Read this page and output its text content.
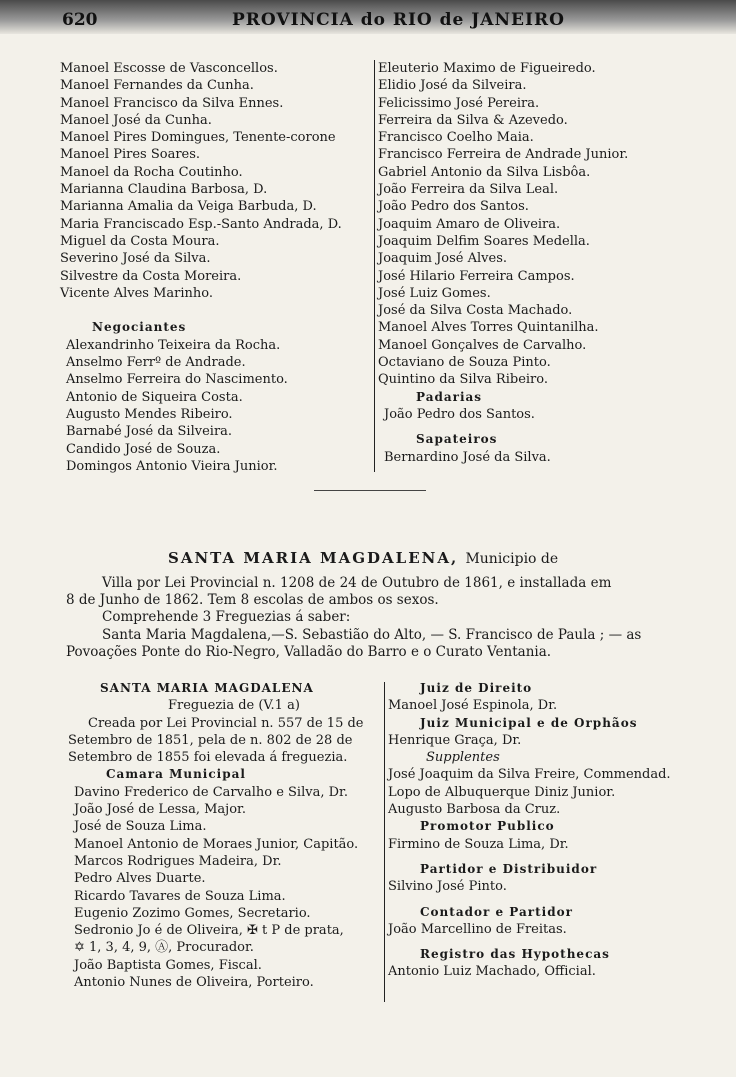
620	PROVINCIA do RIO de JANEIRO
Manoel Escosse de Vasconcellos.
Manoel Fernandes da Cunha.
Manoel Francisco da Silva Ennes.
Manoel José da Cunha.
Manoel Pires Domingues, Tenente-corone
Manoel Pires Soares.
Manoel da Rocha Coutinho.
Marianna Claudina Barbosa, D.
Marianna Amalia da Veiga Barbuda, D.
Maria Franciscado Esp.-Santo Andrada, D.
Miguel da Costa Moura.
Severino José da Silva.
Silvestre da Costa Moreira.
Vicente Alves Marinho.
Negociantes
Alexandrinho Teixeira da Rocha.
Anselmo Ferrº de Andrade.
Anselmo Ferreira do Nascimento.
Antonio de Siqueira Costa.
Augusto Mendes Ribeiro.
Barnabé José da Silveira.
Candido José de Souza.
Domingos Antonio Vieira Junior.
Eleuterio Maximo de Figueiredo.
Elidio José da Silveira.
Felicissimo José Pereira.
Ferreira da Silva & Azevedo.
Francisco Coelho Maia.
Francisco Ferreira de Andrade Junior.
Gabriel Antonio da Silva Lisbôa.
João Ferreira da Silva Leal.
João Pedro dos Santos.
Joaquim Amaro de Oliveira.
Joaquim Delfim Soares Medella.
Joaquim José Alves.
José Hilario Ferreira Campos.
José Luiz Gomes.
José da Silva Costa Machado.
Manoel Alves Torres Quintanilha.
Manoel Gonçalves de Carvalho.
Octaviano de Souza Pinto.
Quintino da Silva Ribeiro.
Padarias
João Pedro dos Santos.
Sapateiros
Bernardino José da Silva.
SANTA MARIA MAGDALENA, Municipio de
Villa por Lei Provincial n. 1208 de 24 de Outubro de 1861, e installada em
8 de Junho de 1862. Tem 8 escolas de ambos os sexos.
Comprehende 3 Freguezias á saber:
Santa Maria Magdalena,—S. Sebastião do Alto, — S. Francisco de Paula ; — as
Povoações Ponte do Rio-Negro, Valladão do Barro e o Curato Ventania.
SANTA MARIA MAGDALENA
Freguezia de (V.1 a)
Creada por Lei Provincial n. 557 de 15 de
Setembro de 1851, pela de n. 802 de 28 de
Setembro de 1855 foi elevada á freguezia.
Camara Municipal
Davino Frederico de Carvalho e Silva, Dr.
João José de Lessa, Major.
José de Souza Lima.
Manoel Antonio de Moraes Junior, Capitão.
Marcos Rodrigues Madeira, Dr.
Pedro Alves Duarte.
Ricardo Tavares de Souza Lima.
Eugenio Zozimo Gomes, Secretario.
Sedronio Jo é de Oliveira, ✠ t P de prata,
✡ 1, 3, 4, 9, Ⓐ, Procurador.
João Baptista Gomes, Fiscal.
Antonio Nunes de Oliveira, Porteiro.
Juiz de Direito
Manoel José Espinola, Dr.
Juiz Municipal e de Orphãos
Henrique Graça, Dr.
Supplentes
José Joaquim da Silva Freire, Commendad.
Lopo de Albuquerque Diniz Junior.
Augusto Barbosa da Cruz.
Promotor Publico
Firmino de Souza Lima, Dr.
Partidor e Distribuidor
Silvino José Pinto.
Contador e Partidor
João Marcellino de Freitas.
Registro das Hypothecas
Antonio Luiz Machado, Official.
